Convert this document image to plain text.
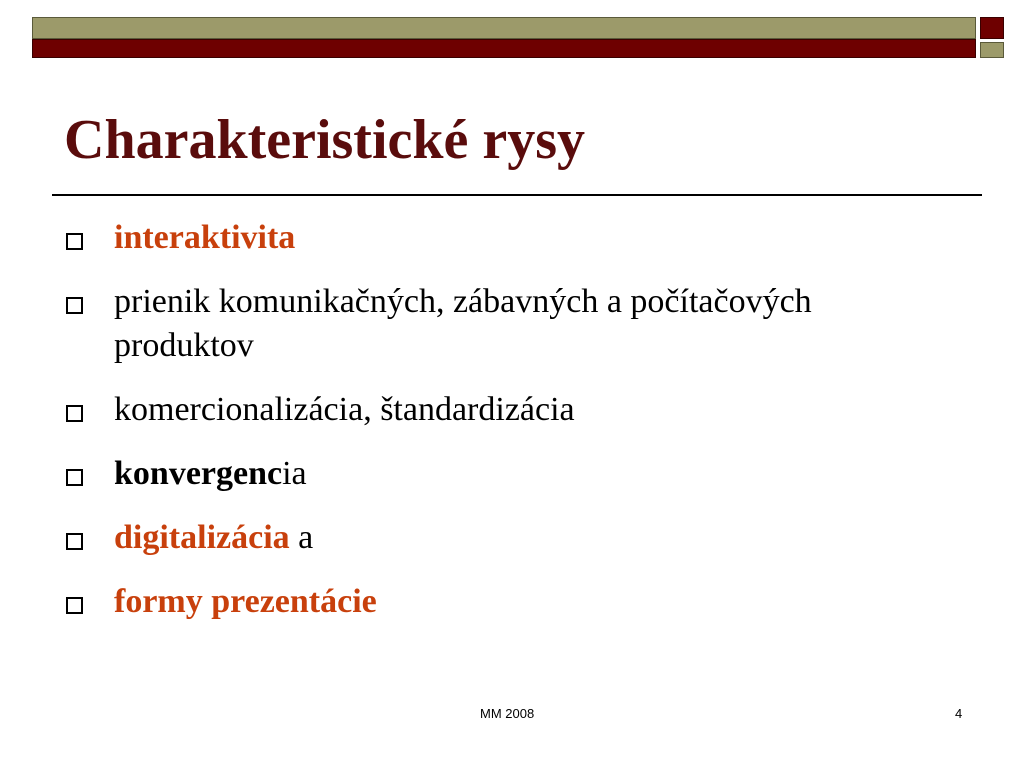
Charakteristické rysy
interaktivita
prienik komunikačných, zábavných a počítačových produktov
komercionalizácia, štandardizácia
konvergencia
digitalizácia a
formy prezentácie
MM 2008	4
